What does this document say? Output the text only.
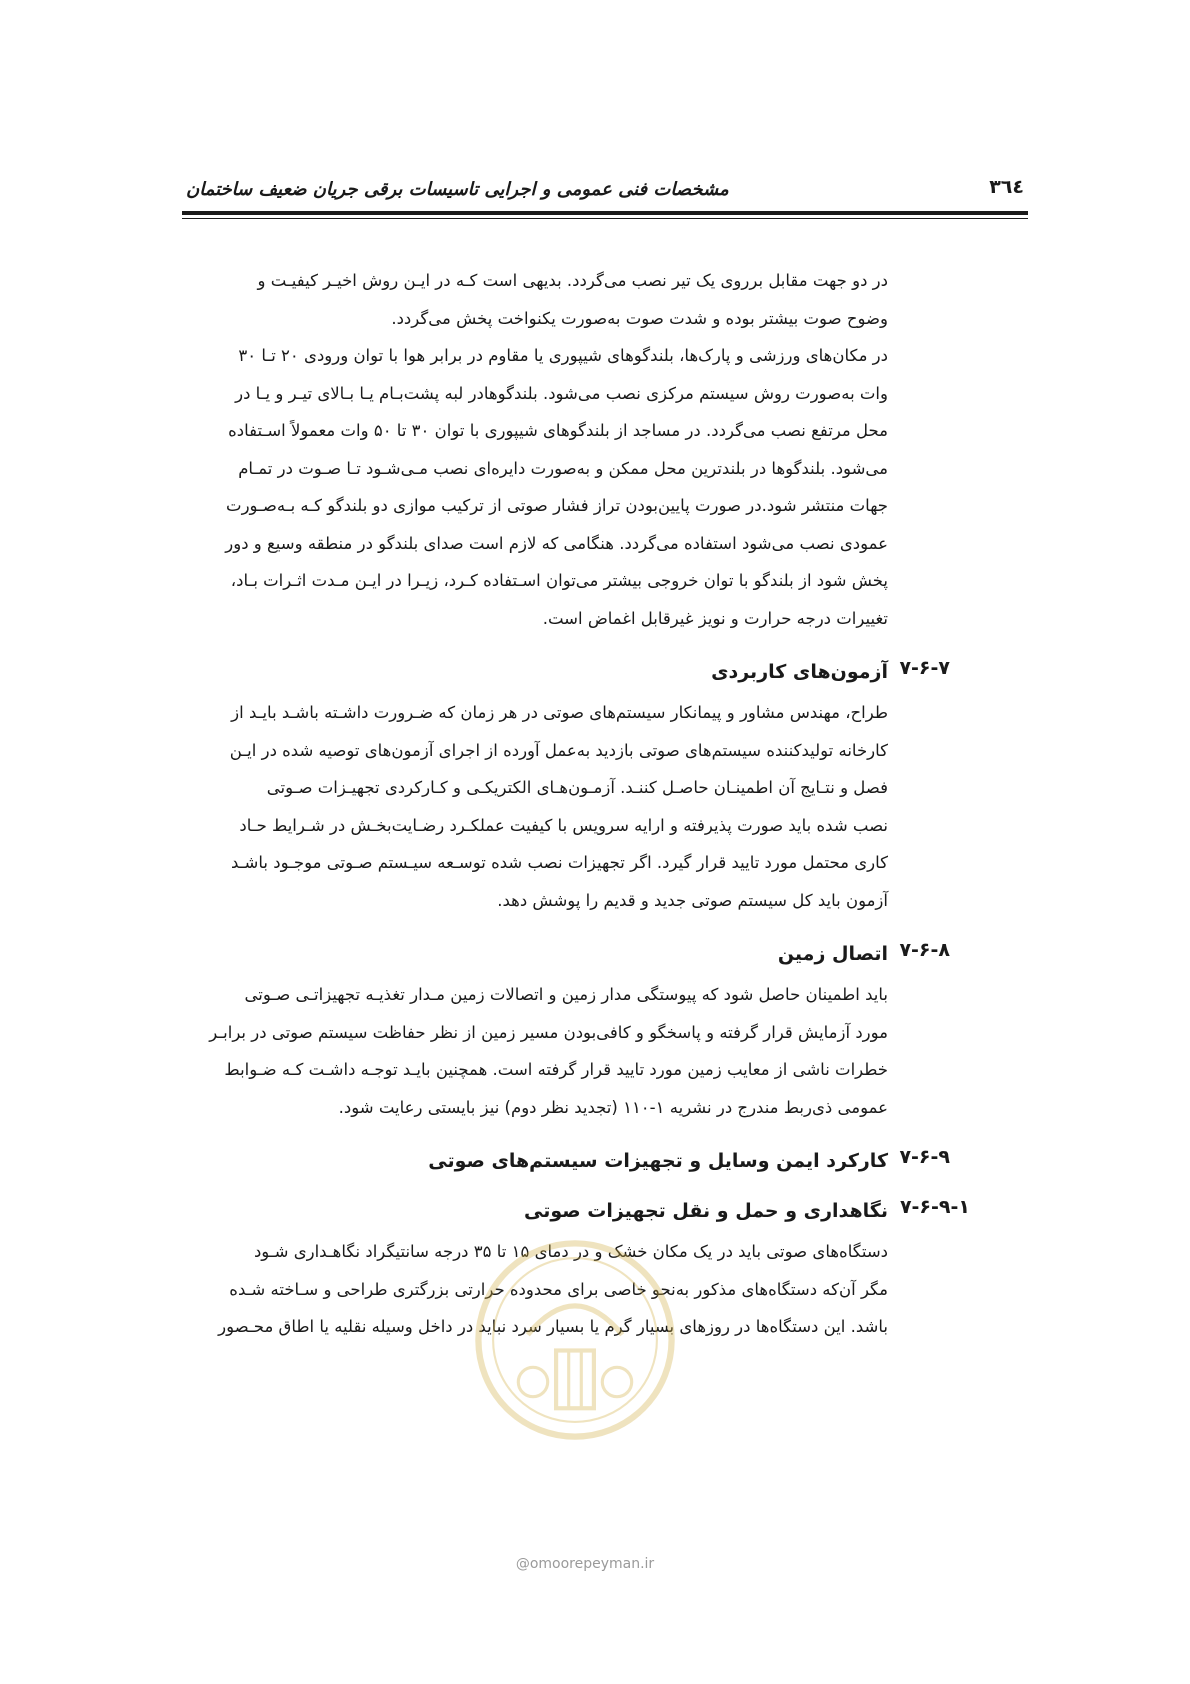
۳٦٤
مشخصات فنی عمومی و اجرایی تاسیسات برقی جریان ضعیف ساختمان

در دو جهت مقابل برروی یک تیر نصب می‌گردد. بدیهی است کـه در ایـن روش اخیـر کیفیـت و

وضوح صوت بیشتر بوده و شدت صوت به‌صورت یکنواخت پخش می‌گردد.

در مکان‌های ورزشی و پارک‌ها، بلندگوهای شیپوری یا مقاوم در برابر هوا با توان ورودی ۲۰ تـا ۳۰

وات به‌صورت روش سیستم مرکزی نصب می‌شود. بلندگوهادر لبه پشت‌بـام یـا بـالای تیـر و یـا در

محل مرتفع نصب می‌گردد. در مساجد از بلندگوهای شیپوری با توان ۳۰ تا ۵۰ وات معمولاً اسـتفاده

می‌شود. بلندگوها در بلندترین محل ممکن و به‌صورت دایره‌ای نصب مـی‌شـود تـا صـوت در تمـام

جهات منتشر شود.در صورت پایین‌بودن تراز فشار صوتی از ترکیب موازی دو بلندگو کـه بـه‌صـورت

عمودی نصب می‌شود استفاده می‌گردد. هنگامی که لازم است صدای بلندگو در منطقه وسیع و دور

پخش شود از بلندگو با توان خروجی بیشتر می‌توان اسـتفاده کـرد، زیـرا در ایـن مـدت اثـرات بـاد،

تغییرات درجه حرارت و نویز غیرقابل اغماض است.

۷-۶-۷
آزمون‌های کاربردی

طراح، مهندس مشاور و پیمانکار سیستم‌های صوتی در هر زمان که ضـرورت داشـته باشـد بایـد از

کارخانه تولیدکننده سیستم‌های صوتی بازدید به‌عمل آورده از اجرای آزمون‌های توصیه شده در ایـن

فصل و نتـایج آن اطمینـان حاصـل کننـد. آزمـون‌هـای الکتریکـی و کـارکردی تجهیـزات صـوتی

نصب شده باید صورت پذیرفته و ارایه سرویس با کیفیت عملکـرد رضـایت‌بخـش در شـرایط حـاد

کاری محتمل مورد تایید قرار گیرد. اگر تجهیزات نصب شده توسـعه سیـستم صـوتی موجـود باشـد

آزمون باید کل سیستم صوتی جدید و قدیم را پوشش دهد.

۷-۶-۸
اتصال زمین

باید اطمینان حاصل شود که پیوستگی مدار زمین و اتصالات زمین مـدار تغذیـه تجهیزاتـی صـوتی

مورد آزمایش قرار گرفته و پاسخگو و کافی‌بودن مسیر زمین از نظر حفاظت سیستم صوتی در برابـر

خطرات ناشی از معایب زمین مورد تایید قرار گرفته است. همچنین بایـد توجـه داشـت کـه ضـوابط

عمومی ذی‌ربط مندرج در نشریه ۱-۱۱۰ (تجدید نظر دوم) نیز بایستی رعایت شود.

۷-۶-۹
کارکرد ایمن وسایل و تجهیزات سیستم‌های صوتی
۷-۶-۹-۱
نگاهداری و حمل و نقل تجهیزات صوتی

دستگاه‌های صوتی باید در یک مکان خشک و در دمای ۱۵ تا ۳۵ درجه سانتیگراد نگاهـداری شـود

مگر آن‌که دستگاه‌های مذکور به‌نحو خاصی برای محدوده حرارتی بزرگتری طراحی و سـاخته شـده

باشد. این دستگاه‌ها در روزهای بسیار گرم یا بسیار سرد نباید در داخل وسیله نقلیه یا اطاق محـصور

@omoorepeyman.ir
